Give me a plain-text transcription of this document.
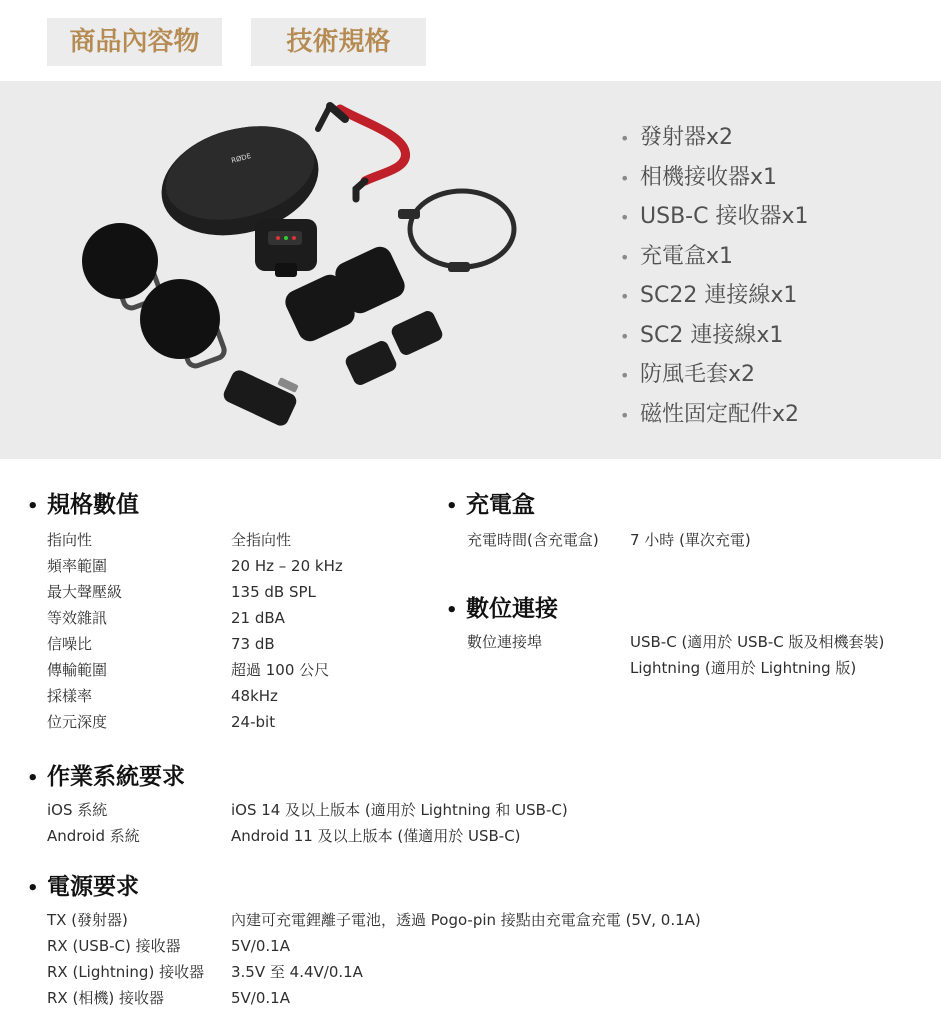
商品內容物	技術規格
RØDE
• 發射器x2
• 相機接收器x1
• USB-C 接收器x1
• 充電盒x1
• SC22 連接線x1
• SC2 連接線x1
• 防風毛套x2
• 磁性固定配件x2
• 規格數值
指向性	全指向性
頻率範圍	20 Hz – 20 kHz
最大聲壓級	135 dB SPL
等效雜訊	21 dBA
信噪比	73 dB
傳輸範圍	超過 100 公尺
採樣率	48kHz
位元深度	24-bit
• 充電盒
充電時間(含充電盒) 7 小時 (單次充電)
• 數位連接
數位連接埠	USB-C (適用於 USB-C 版及相機套裝)
Lightning (適用於 Lightning 版)
• 作業系統要求
iOS 系統	iOS 14 及以上版本 (適用於 Lightning 和 USB-C)
Android 系統	Android 11 及以上版本 (僅適用於 USB-C)
• 電源要求
TX (發射器)	內建可充電鋰離子電池，透過 Pogo-pin 接點由充電盒充電 (5V, 0.1A)
RX (USB-C) 接收器	5V/0.1A
RX (Lightning) 接收器 3.5V 至 4.4V/0.1A
RX (相機) 接收器	5V/0.1A
